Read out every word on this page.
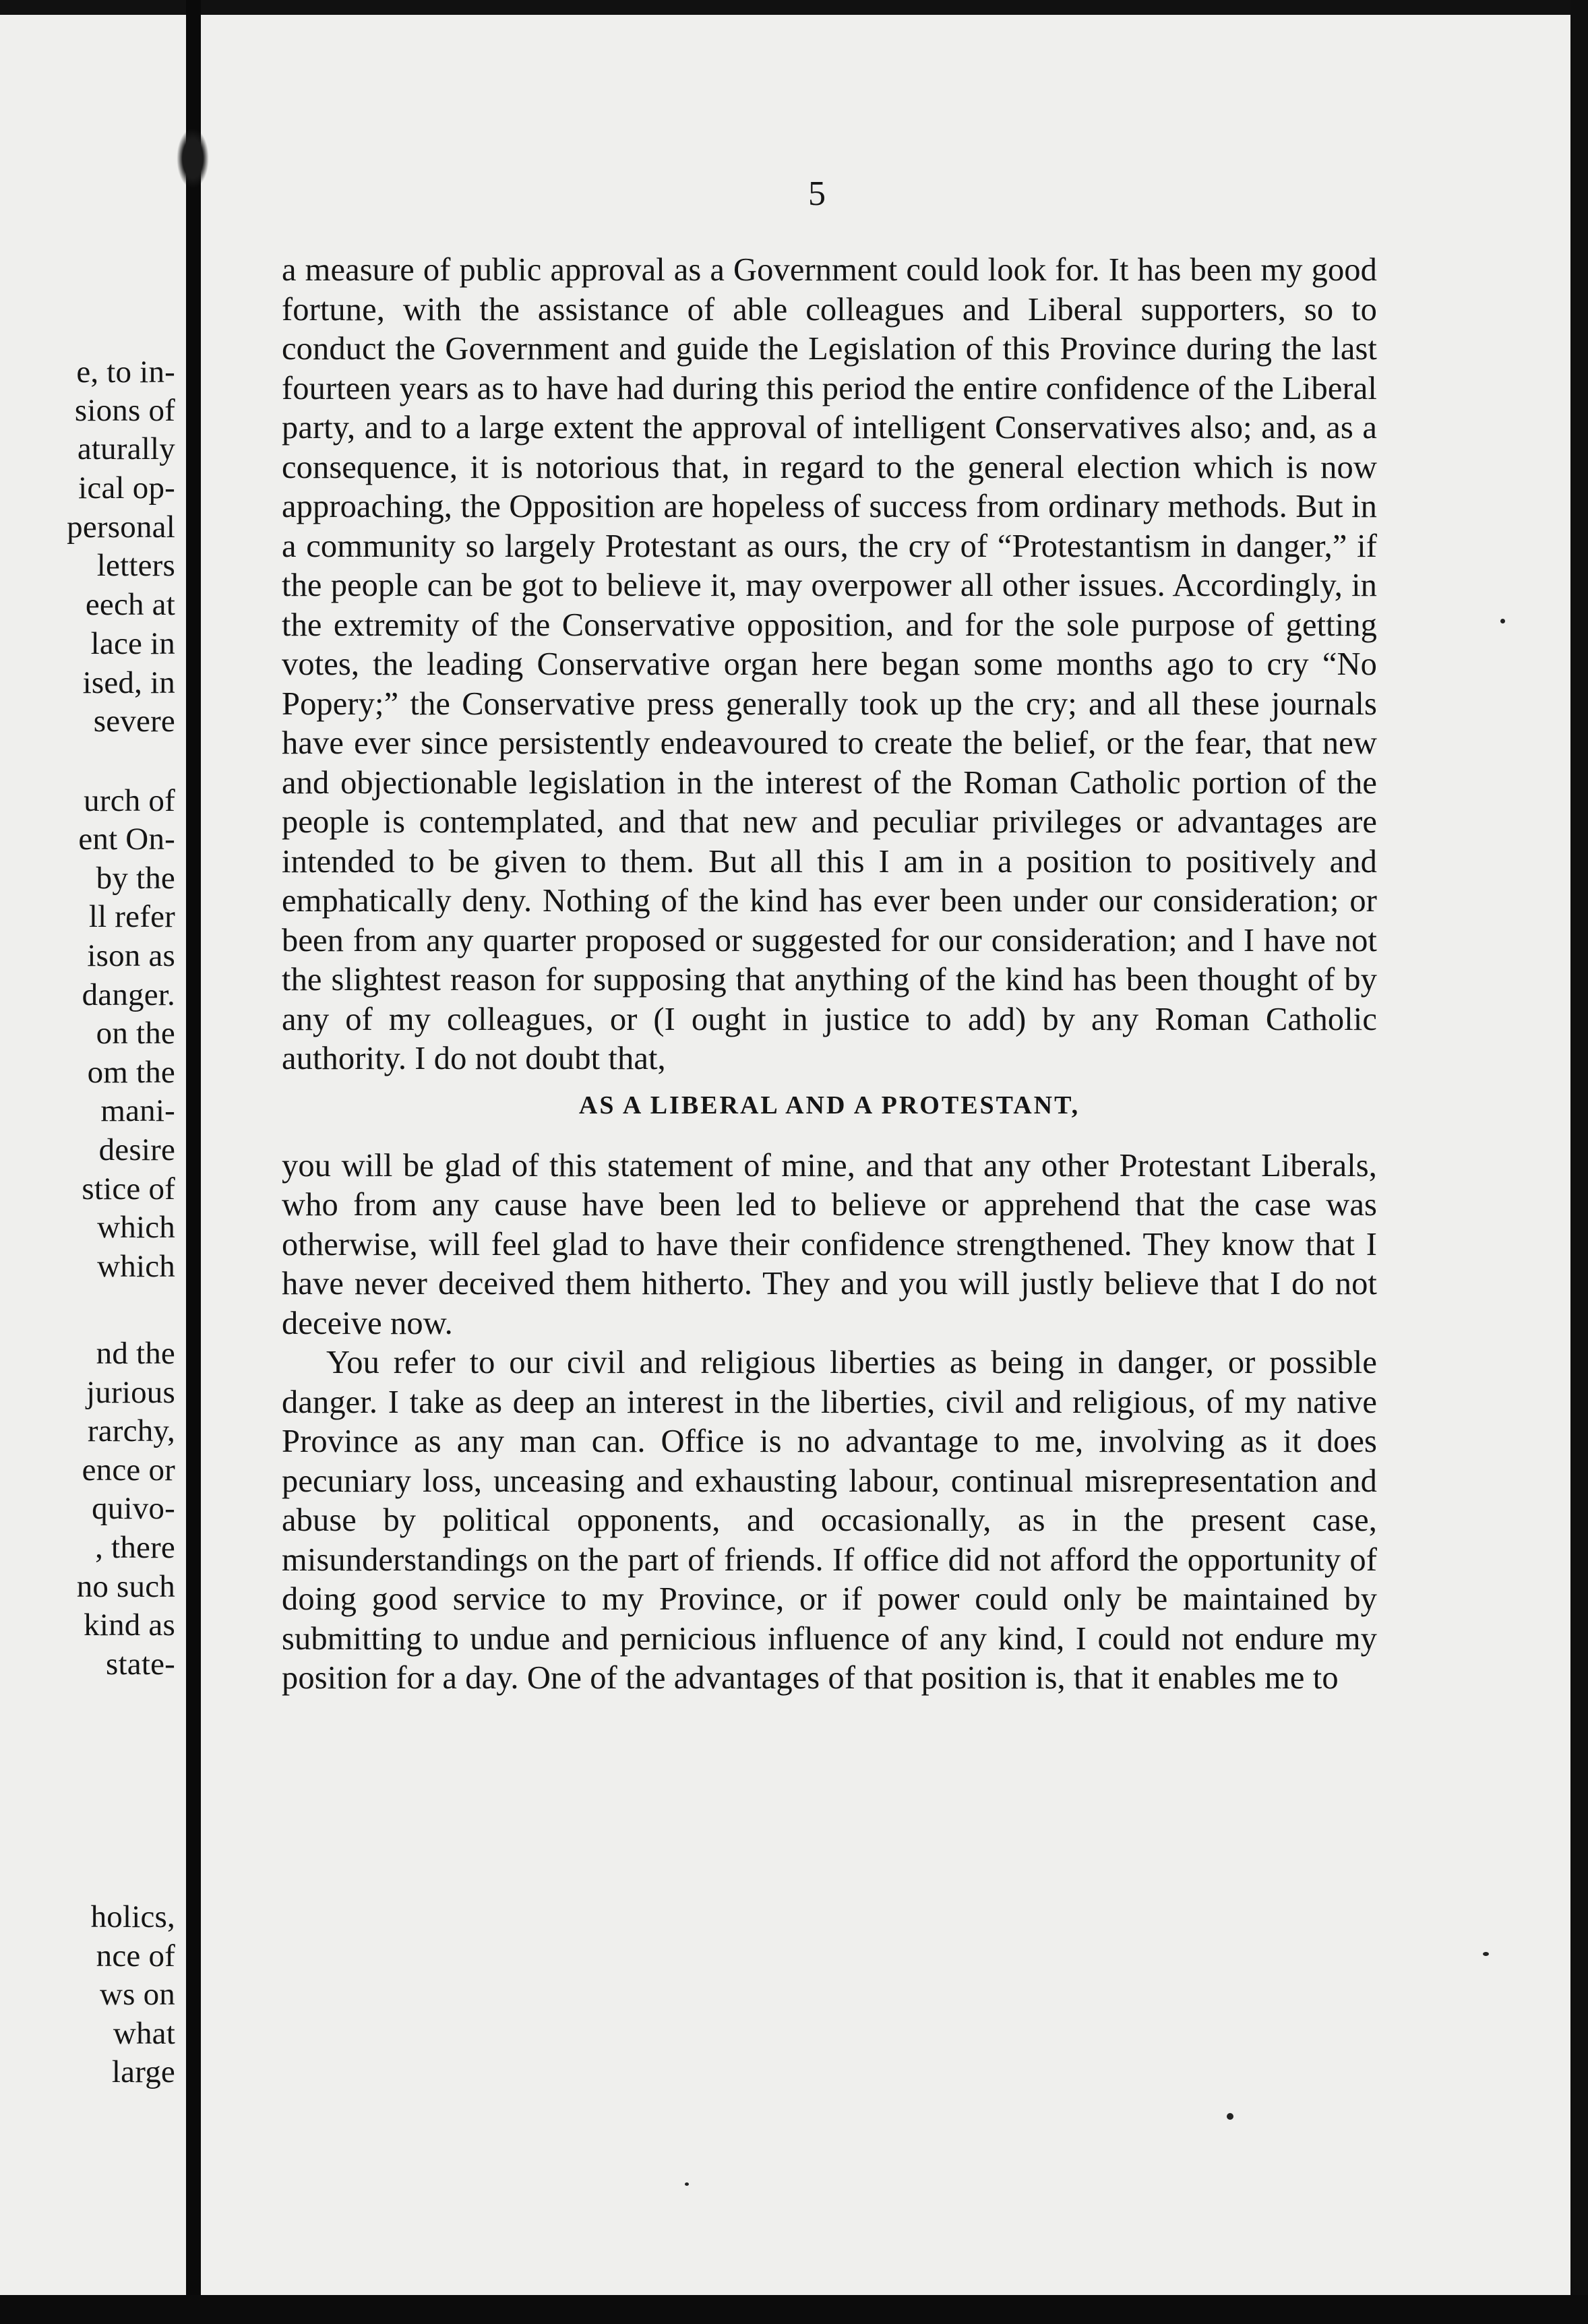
e, to in-
sions of
aturally
ical op-
personal
letters
eech at
lace in
ised, in
severe
urch of
ent On-
by the
ll refer
ison as
danger.
on the
om the
mani-
desire
stice of
which
which
nd the
jurious
rarchy,
ence or
quivo-
, there
no such
kind as
state-
holics,
nce of
ws on
what
large
5

a measure of public approval as a Government could look for. It has been my good fortune, with the assistance of able colleagues and Liberal supporters, so to conduct the Government and guide the Legislation of this Province during the last fourteen years as to have had during this period the entire confidence of the Liberal party, and to a large extent the approval of intelligent Conservatives also; and, as a consequence, it is notorious that, in regard to the general election which is now approaching, the Opposition are hopeless of success from ordinary methods. But in a community so largely Protestant as ours, the cry of “Protestantism in danger,” if the people can be got to believe it, may overpower all other issues. Accordingly, in the extremity of the Conservative opposition, and for the sole purpose of getting votes, the leading Conservative organ here began some months ago to cry “No Popery;” the Conservative press generally took up the cry; and all these journals have ever since persistently endeavoured to create the belief, or the fear, that new and objectionable legislation in the interest of the Roman Catholic portion of the people is contemplated, and that new and peculiar privileges or advantages are intended to be given to them. But all this I am in a position to positively and emphatically deny. Nothing of the kind has ever been under our consideration; or been from any quarter proposed or suggested for our consideration; and I have not the slightest reason for supposing that anything of the kind has been thought of by any of my colleagues, or (I ought in justice to add) by any Roman Catholic authority. I do not doubt that,

AS A LIBERAL AND A PROTESTANT,

you will be glad of this statement of mine, and that any other Protestant Liberals, who from any cause have been led to believe or apprehend that the case was otherwise, will feel glad to have their confidence strengthened. They know that I have never deceived them hitherto. They and you will justly believe that I do not deceive now.

You refer to our civil and religious liberties as being in danger, or possible danger. I take as deep an interest in the liberties, civil and religious, of my native Province as any man can. Office is no advantage to me, involving as it does pecuniary loss, unceasing and exhausting labour, continual misrepresentation and abuse by political opponents, and occasionally, as in the present case, misunderstandings on the part of friends. If office did not afford the opportunity of doing good service to my Province, or if power could only be maintained by submitting to undue and pernicious influence of any kind, I could not endure my position for a day. One of the advantages of that position is, that it enables me to
